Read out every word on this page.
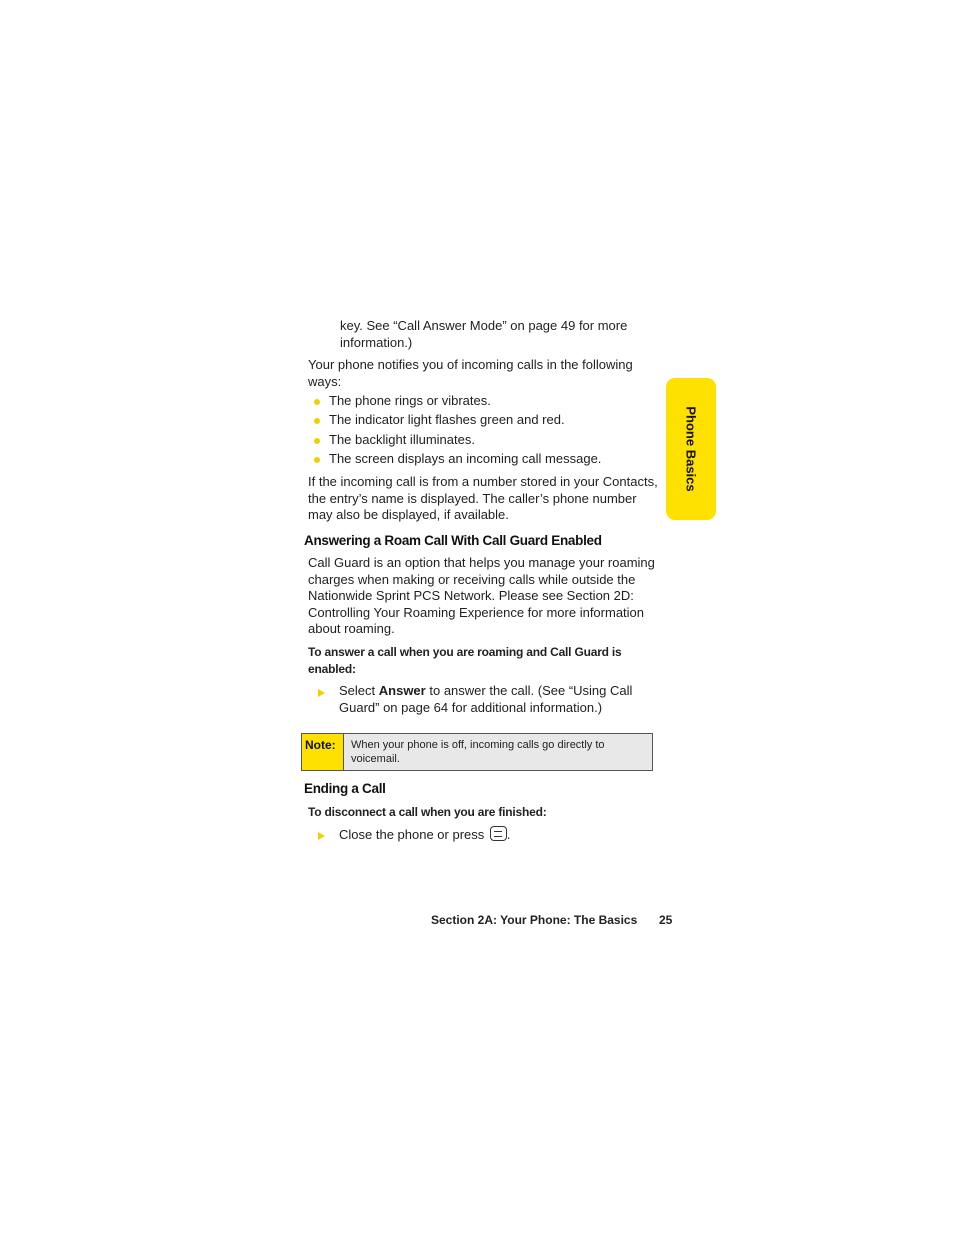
Phone Basics
key. See “Call Answer Mode” on page 49 for more information.)
Your phone notifies you of incoming calls in the following ways:
The phone rings or vibrates.
The indicator light flashes green and red.
The backlight illuminates.
The screen displays an incoming call message.
If the incoming call is from a number stored in your Contacts, the entry’s name is displayed. The caller’s phone number may also be displayed, if available.
Answering a Roam Call With Call Guard Enabled
Call Guard is an option that helps you manage your roaming charges when making or receiving calls while outside the Nationwide Sprint PCS Network. Please see Section 2D: Controlling Your Roaming Experience for more information about roaming.
To answer a call when you are roaming and Call Guard is enabled:
Select Answer to answer the call. (See “Using Call Guard” on page 64 for additional information.)
Note: When your phone is off, incoming calls go directly to voicemail.
Ending a Call
To disconnect a call when you are finished:
Close the phone or press .
Section 2A: Your Phone: The Basics 25
